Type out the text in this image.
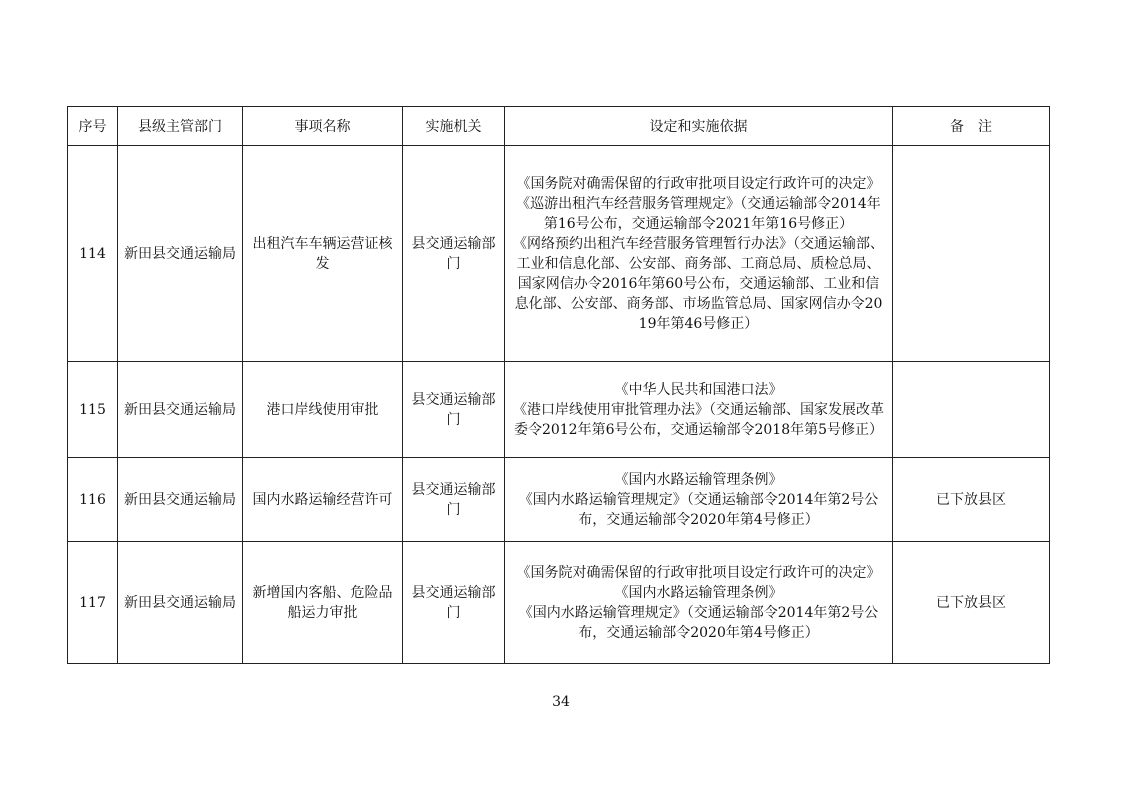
序号	县级主管部门	事项名称	实施机关	设定和实施依据	备　注
114	新田县交通运输局	出租汽车车辆运营证核发	县交通运输部门	《国务院对确需保留的行政审批项目设定行政许可的决定》
《巡游出租汽车经营服务管理规定》（交通运输部令2014年第16号公布，交通运输部令2021年第16号修正）
《网络预约出租汽车经营服务管理暂行办法》（交通运输部、工业和信息化部、公安部、商务部、工商总局、质检总局、国家网信办令2016年第60号公布，交通运输部、工业和信息化部、公安部、商务部、市场监管总局、国家网信办令2019年第46号修正）	

115	新田县交通运输局	港口岸线使用审批	县交通运输部门	《中华人民共和国港口法》
《港口岸线使用审批管理办法》（交通运输部、国家发展改革委令2012年第6号公布，交通运输部令2018年第5号修正）	

116	新田县交通运输局	国内水路运输经营许可	县交通运输部门	《国内水路运输管理条例》
《国内水路运输管理规定》（交通运输部令2014年第2号公布，交通运输部令2020年第4号修正）	已下放县区
117	新田县交通运输局	新增国内客船、危险品船运力审批	县交通运输部门	《国务院对确需保留的行政审批项目设定行政许可的决定》
《国内水路运输管理条例》
《国内水路运输管理规定》（交通运输部令2014年第2号公布，交通运输部令2020年第4号修正）	已下放县区
34
